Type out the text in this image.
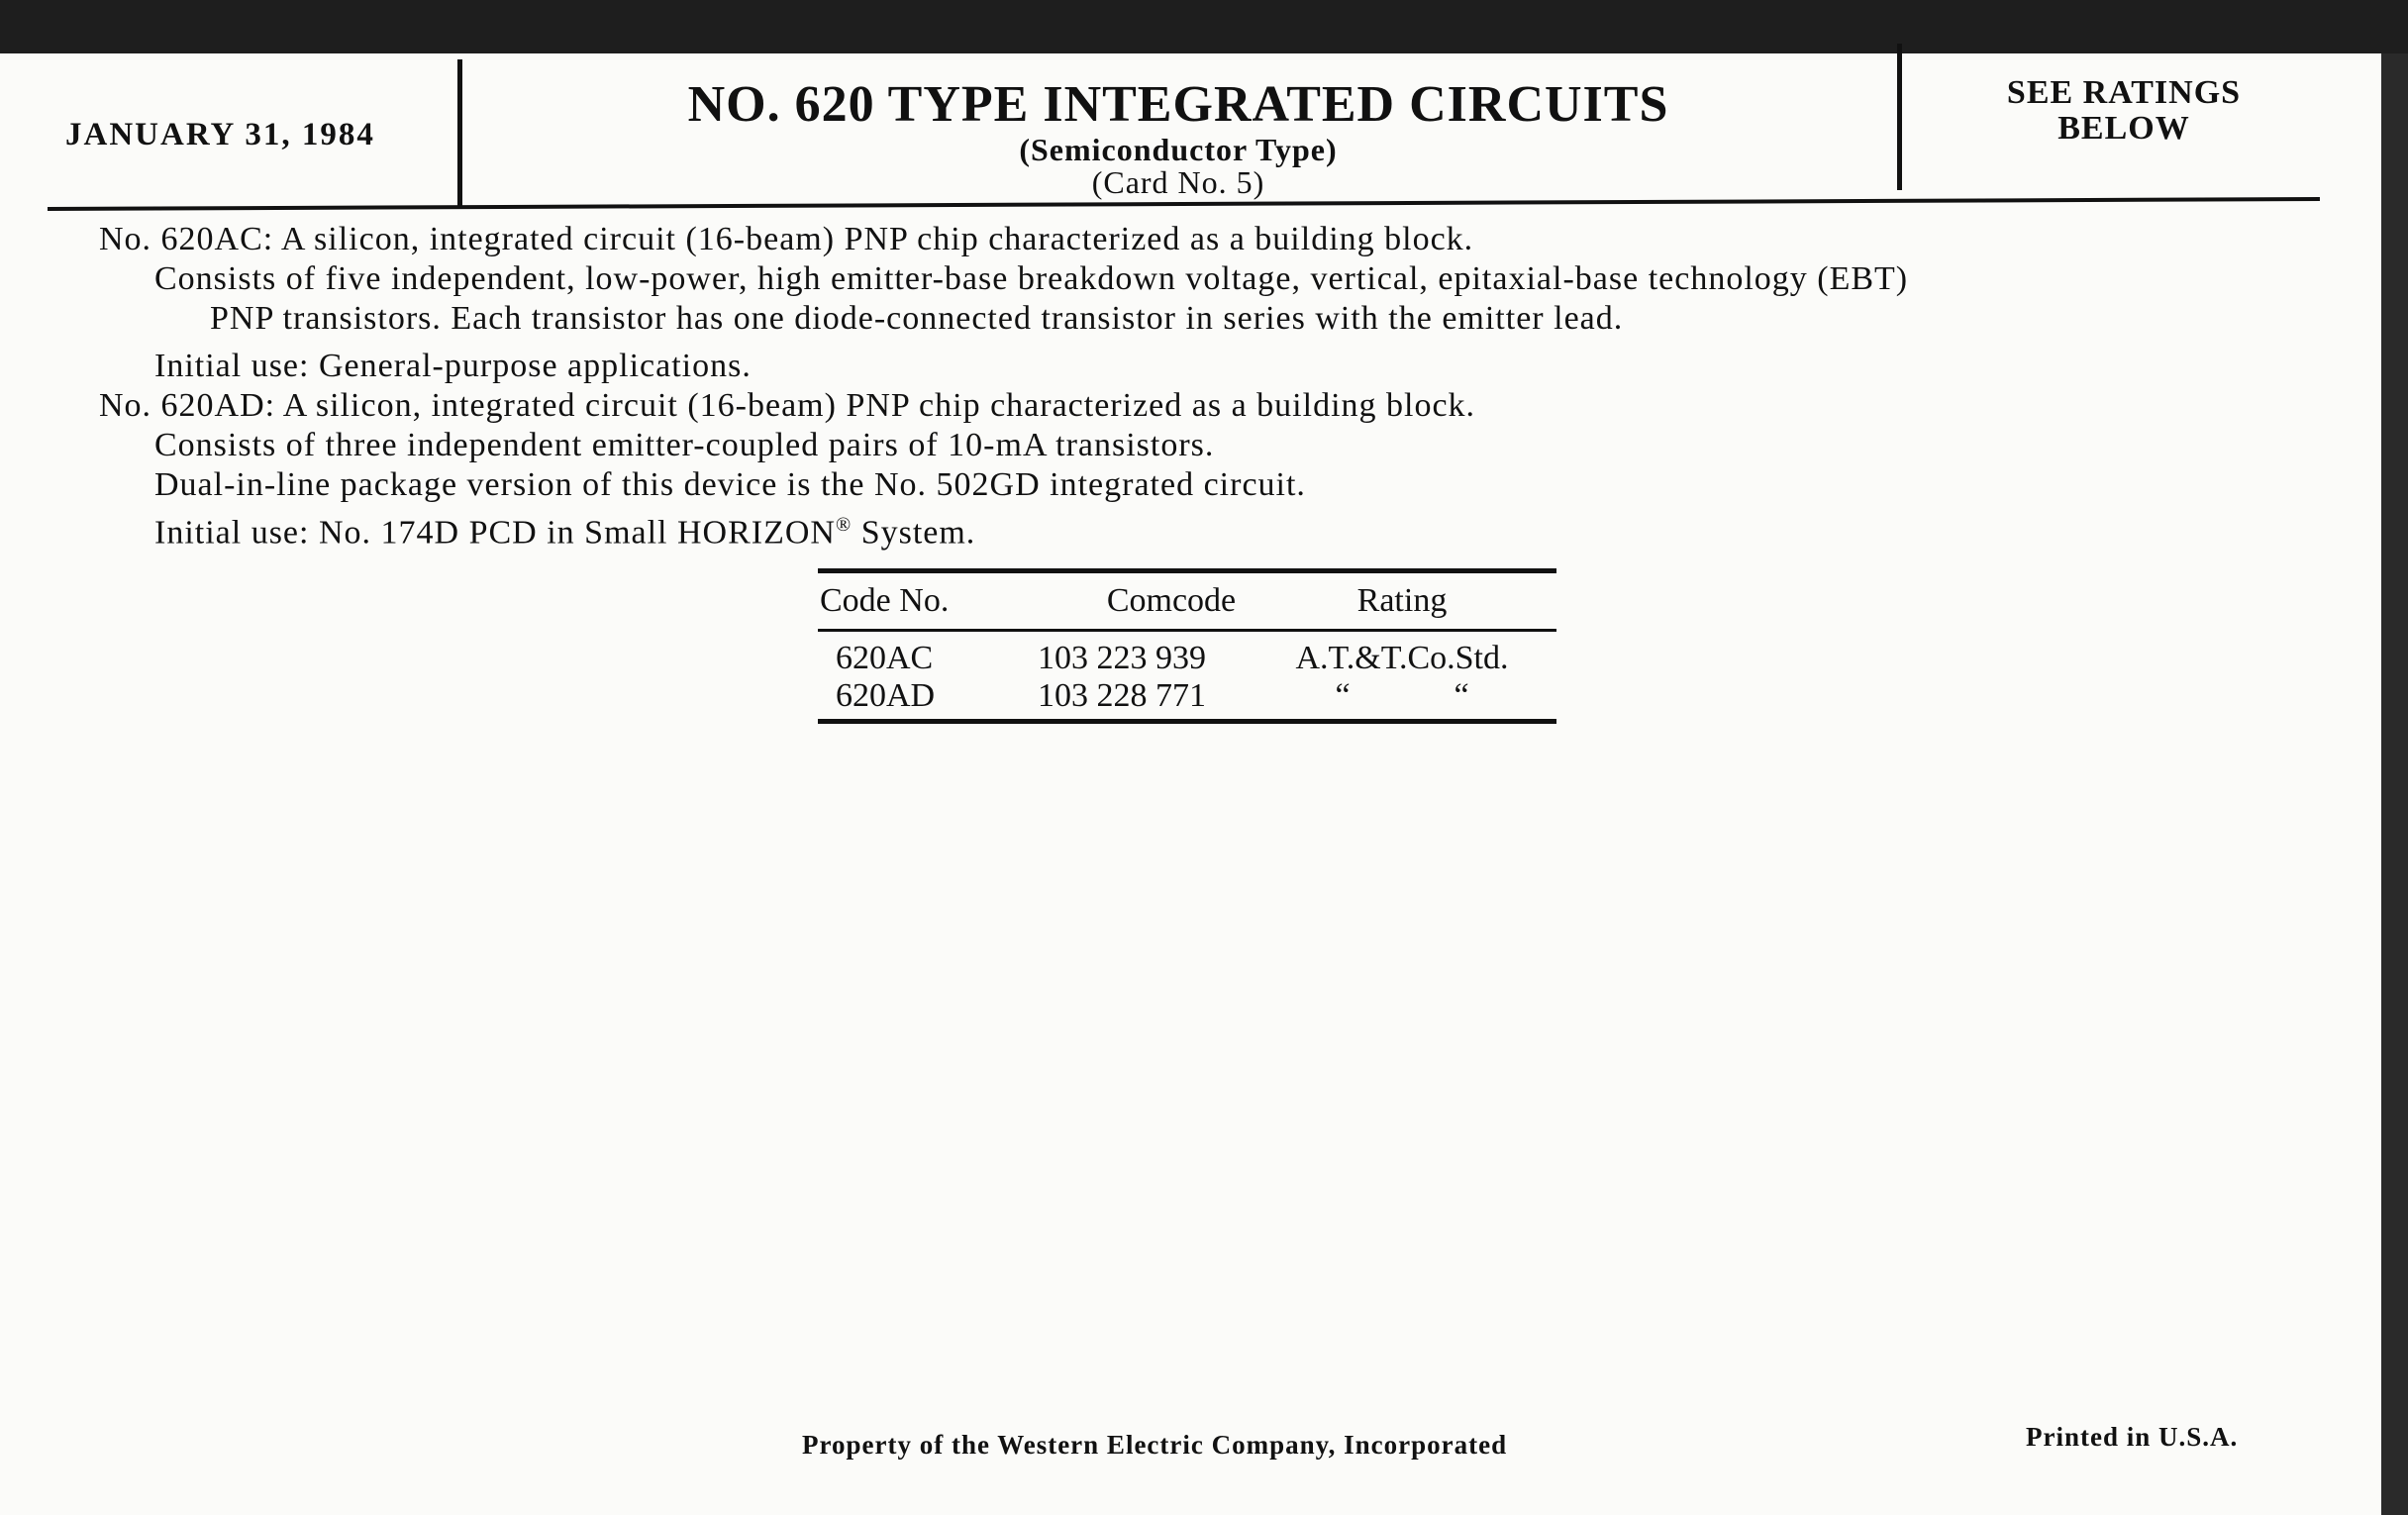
JANUARY 31, 1984
NO. 620 TYPE INTEGRATED CIRCUITS
(Semiconductor Type)
(Card No. 5)
SEE RATINGS
BELOW

No. 620AC: A silicon, integrated circuit (16-beam) PNP chip characterized as a building block.

Consists of five independent, low-power, high emitter-base breakdown voltage, vertical, epitaxial-base technology (EBT)

PNP transistors. Each transistor has one diode-connected transistor in series with the emitter lead.

Initial use: General-purpose applications.

No. 620AD: A silicon, integrated circuit (16-beam) PNP chip characterized as a building block.

Consists of three independent emitter-coupled pairs of 10-mA transistors.

Dual-in-line package version of this device is the No. 502GD integrated circuit.

Initial use: No. 174D PCD in Small HORIZON® System.

Code No.	Comcode	Rating
620AC	103 223 939	A.T.&T.Co.Std.
620AD	103 228 771	“	“
Property of the Western Electric Company, Incorporated	Printed in U.S.A.
